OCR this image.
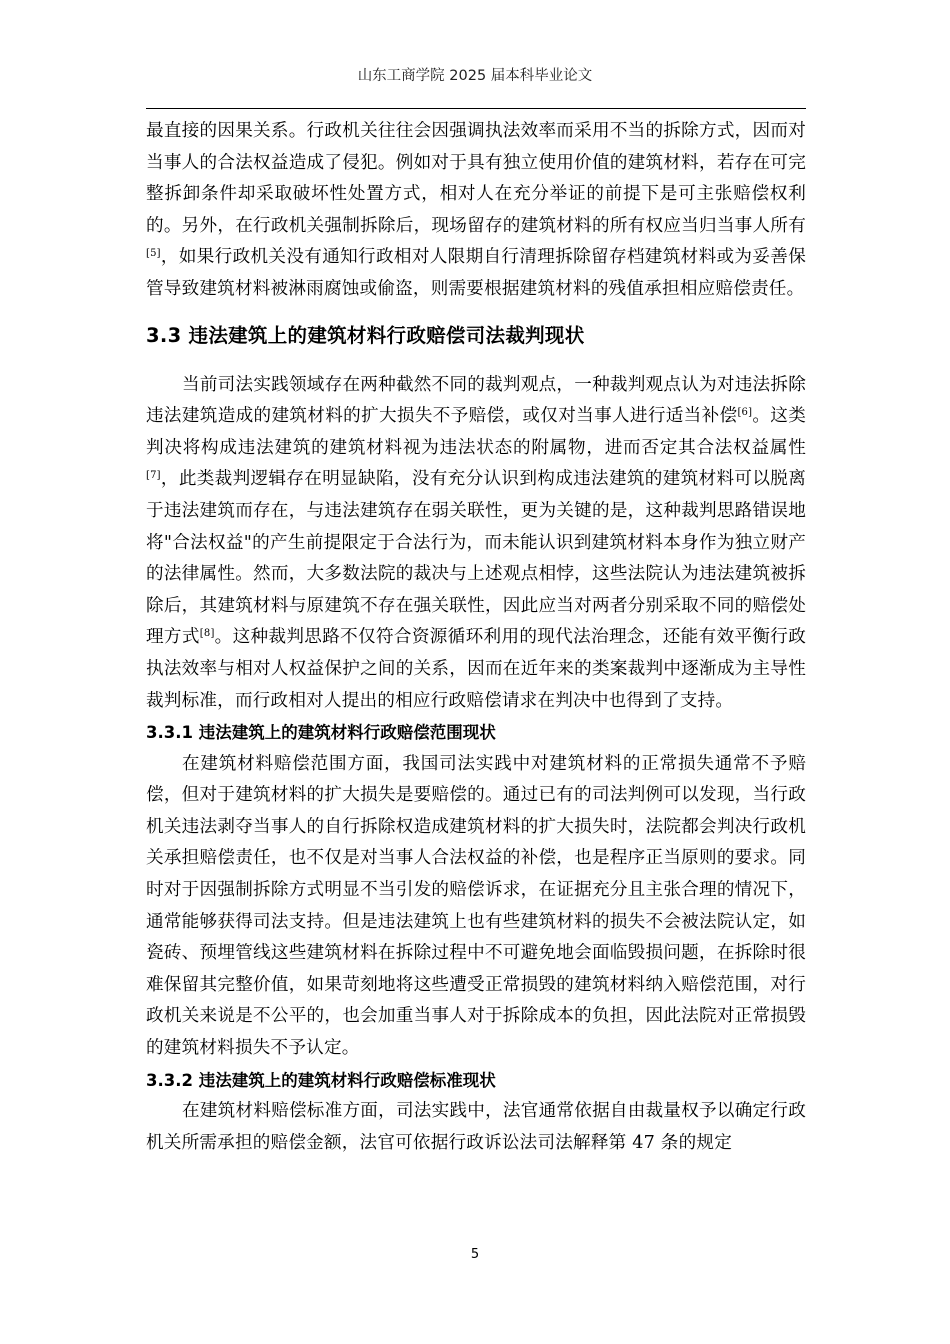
山东工商学院 2025 届本科毕业论文

最直接的因果关系。行政机关往往会因强调执法效率而采用不当的拆除方式，因而对当事人的合法权益造成了侵犯。例如对于具有独立使用价值的建筑材料，若存在可完整拆卸条件却采取破坏性处置方式，相对人在充分举证的前提下是可主张赔偿权利的。另外，在行政机关强制拆除后，现场留存的建筑材料的所有权应当归当事人所有[5]，如果行政机关没有通知行政相对人限期自行清理拆除留存档建筑材料或为妥善保管导致建筑材料被淋雨腐蚀或偷盗，则需要根据建筑材料的残值承担相应赔偿责任。

3.3 违法建筑上的建筑材料行政赔偿司法裁判现状

当前司法实践领域存在两种截然不同的裁判观点，一种裁判观点认为对违法拆除违法建筑造成的建筑材料的扩大损失不予赔偿，或仅对当事人进行适当补偿[6]。这类判决将构成违法建筑的建筑材料视为违法状态的附属物，进而否定其合法权益属性[7]，此类裁判逻辑存在明显缺陷，没有充分认识到构成违法建筑的建筑材料可以脱离于违法建筑而存在，与违法建筑存在弱关联性，更为关键的是，这种裁判思路错误地将"合法权益"的产生前提限定于合法行为，而未能认识到建筑材料本身作为独立财产的法律属性。然而，大多数法院的裁决与上述观点相悖，这些法院认为违法建筑被拆除后，其建筑材料与原建筑不存在强关联性，因此应当对两者分别采取不同的赔偿处理方式[8]。这种裁判思路不仅符合资源循环利用的现代法治理念，还能有效平衡行政执法效率与相对人权益保护之间的关系，因而在近年来的类案裁判中逐渐成为主导性裁判标准，而行政相对人提出的相应行政赔偿请求在判决中也得到了支持。

3.3.1 违法建筑上的建筑材料行政赔偿范围现状

在建筑材料赔偿范围方面，我国司法实践中对建筑材料的正常损失通常不予赔偿，但对于建筑材料的扩大损失是要赔偿的。通过已有的司法判例可以发现，当行政机关违法剥夺当事人的自行拆除权造成建筑材料的扩大损失时，法院都会判决行政机关承担赔偿责任，也不仅是对当事人合法权益的补偿，也是程序正当原则的要求。同时对于因强制拆除方式明显不当引发的赔偿诉求，在证据充分且主张合理的情况下，通常能够获得司法支持。但是违法建筑上也有些建筑材料的损失不会被法院认定，如瓷砖、预埋管线这些建筑材料在拆除过程中不可避免地会面临毁损问题，在拆除时很难保留其完整价值，如果苛刻地将这些遭受正常损毁的建筑材料纳入赔偿范围，对行政机关来说是不公平的，也会加重当事人对于拆除成本的负担，因此法院对正常损毁的建筑材料损失不予认定。

3.3.2 违法建筑上的建筑材料行政赔偿标准现状

在建筑材料赔偿标准方面，司法实践中，法官通常依据自由裁量权予以确定行政机关所需承担的赔偿金额，法官可依据行政诉讼法司法解释第 47 条的规定

5
